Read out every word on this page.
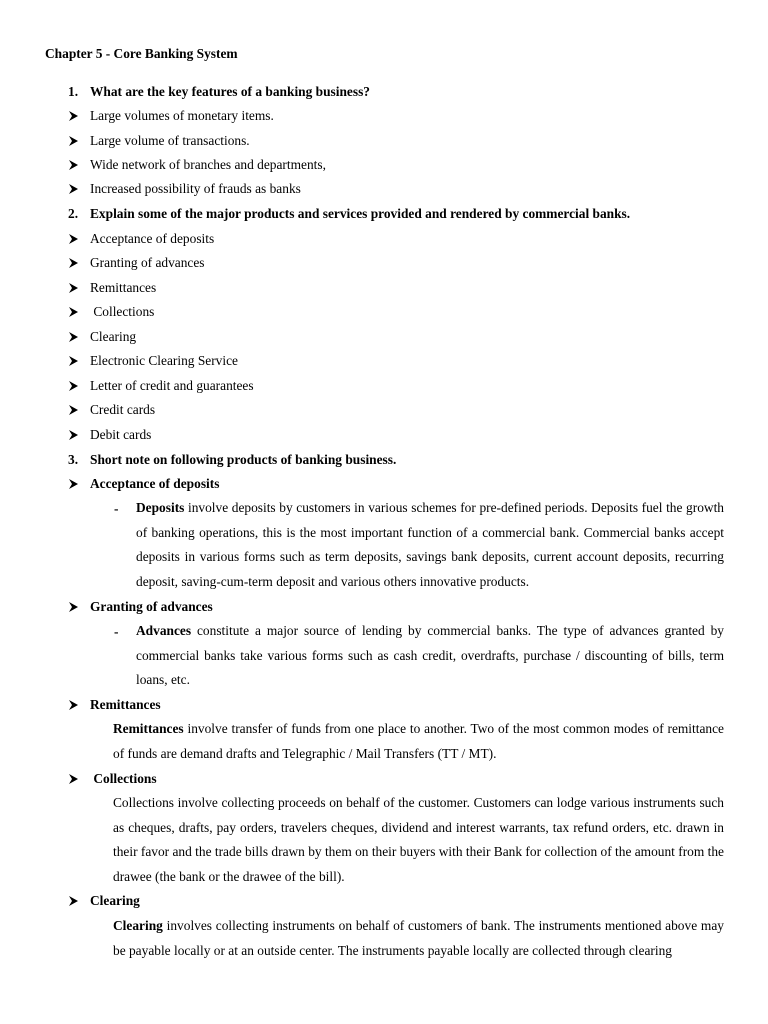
Chapter 5 - Core Banking System
1. What are the key features of a banking business?
Large volumes of monetary items.
Large volume of transactions.
Wide network of branches and departments,
Increased possibility of frauds as banks
2. Explain some of the major products and services provided and rendered by commercial banks.
Acceptance of deposits
Granting of advances
Remittances
Collections
Clearing
Electronic Clearing Service
Letter of credit and guarantees
Credit cards
Debit cards
3. Short note on following products of banking business.
Acceptance of deposits
- Deposits involve deposits by customers in various schemes for pre-defined periods. Deposits fuel the growth of banking operations, this is the most important function of a commercial bank. Commercial banks accept deposits in various forms such as term deposits, savings bank deposits, current account deposits, recurring deposit, saving-cum-term deposit and various others innovative products.
Granting of advances
- Advances constitute a major source of lending by commercial banks. The type of advances granted by commercial banks take various forms such as cash credit, overdrafts, purchase / discounting of bills, term loans, etc.
Remittances
Remittances involve transfer of funds from one place to another. Two of the most common modes of remittance of funds are demand drafts and Telegraphic / Mail Transfers (TT / MT).
Collections
Collections involve collecting proceeds on behalf of the customer. Customers can lodge various instruments such as cheques, drafts, pay orders, travelers cheques, dividend and interest warrants, tax refund orders, etc. drawn in their favor and the trade bills drawn by them on their buyers with their Bank for collection of the amount from the drawee (the bank or the drawee of the bill).
Clearing
Clearing involves collecting instruments on behalf of customers of bank. The instruments mentioned above may be payable locally or at an outside center. The instruments payable locally are collected through clearing
